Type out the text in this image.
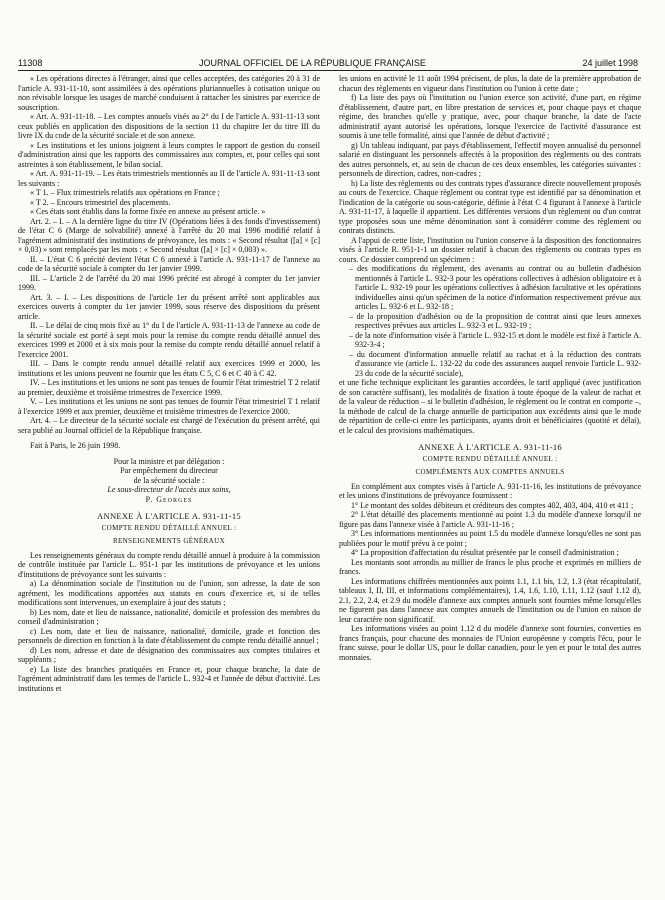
11308	JOURNAL OFFICIEL DE LA RÉPUBLIQUE FRANÇAISE	24 juillet 1998

« Les opérations directes à l'étranger, ainsi que celles acceptées, des catégories 20 à 31 de l'article A. 931-11-10, sont assimilées à des opérations pluriannuelles à cotisation unique ou non révisable lorsque les usages de marché conduisent à rattacher les sinistres par exercice de souscription.

« Art. A. 931-11-18. – Les comptes annuels visés au 2° du I de l'article A. 931-11-13 sont ceux publiés en application des dispositions de la section 11 du chapitre Ier du titre III du livre IX du code de la sécurité sociale et de son annexe.

« Les institutions et les unions joignent à leurs comptes le rapport de gestion du conseil d'administration ainsi que les rapports des commissaires aux comptes, et, pour celles qui sont astreintes à son établissement, le bilan social.

« Art. A. 931-11-19. – Les états trimestriels mentionnés au II de l'article A. 931-11-13 sont les suivants :

« T 1. – Flux trimestriels relatifs aux opérations en France ;

« T 2. – Encours trimestriel des placements.

« Ces états sont établis dans la forme fixée en annexe au présent article. »

Art. 2. – I. – A la dernière ligne du titre IV (Opérations liées à des fonds d'investissement) de l'état C 6 (Marge de solvabilité) annexé à l'arrêté du 20 mai 1996 modifié relatif à l'agrément administratif des institutions de prévoyance, les mots : « Second résultat ([a] × [c] × 0,03) » sont remplacés par les mots : « Second résultat ([a] × [c] × 0,003) ».

II. – L'état C 6 précité devient l'état C 6 annexé à l'article A. 931-11-17 de l'annexe au code de la sécurité sociale à compter du 1er janvier 1999.

III. – L'article 2 de l'arrêté du 20 mai 1996 précité est abrogé à compter du 1er janvier 1999.

Art. 3. – I. – Les dispositions de l'article 1er du présent arrêté sont applicables aux exercices ouverts à compter du 1er janvier 1999, sous réserve des dispositions du présent article.

II. – Le délai de cinq mois fixé au 1° du I de l'article A. 931-11-13 de l'annexe au code de la sécurité sociale est porté à sept mois pour la remise du compte rendu détaillé annuel des exercices 1999 et 2000 et à six mois pour la remise du compte rendu détaillé annuel relatif à l'exercice 2001.

III. – Dans le compte rendu annuel détaillé relatif aux exercices 1999 et 2000, les institutions et les unions peuvent ne fournir que les états C 5, C 6 et C 40 à C 42.

IV. – Les institutions et les unions ne sont pas tenues de fournir l'état trimestriel T 2 relatif au premier, deuxième et troisième trimestres de l'exercice 1999.

V. – Les institutions et les unions ne sont pas tenues de fournir l'état trimestriel T 1 relatif à l'exercice 1999 et aux premier, deuxième et troisième trimestres de l'exercice 2000.

Art. 4. – Le directeur de la sécurité sociale est chargé de l'exécution du présent arrêté, qui sera publié au Journal officiel de la République française.

Fait à Paris, le 26 juin 1998.

Pour la ministre et par délégation :
Par empêchement du directeur
de la sécurité sociale :
Le sous-directeur de l'accès aux soins,
P. Georges
ANNEXE À L'ARTICLE A. 931-11-15
COMPTE RENDU DÉTAILLÉ ANNUEL :
RENSEIGNEMENTS GÉNÉRAUX

Les renseignements généraux du compte rendu détaillé annuel à produire à la commission de contrôle instituée par l'article L. 951-1 par les institutions de prévoyance et les unions d'institutions de prévoyance sont les suivants :

a) La dénomination sociale de l'institution ou de l'union, son adresse, la date de son agrément, les modifications apportées aux statuts en cours d'exercice et, si de telles modifications sont intervenues, un exemplaire à jour des statuts ;

b) Les nom, date et lieu de naissance, nationalité, domicile et profession des membres du conseil d'administration ;

c) Les nom, date et lieu de naissance, nationalité, domicile, grade et fonction des personnels de direction en fonction à la date d'établissement du compte rendu détaillé annuel ;

d) Les nom, adresse et date de désignation des commissaires aux comptes titulaires et suppléants ;

e) La liste des branches pratiquées en France et, pour chaque branche, la date de l'agrément administratif dans les termes de l'article L. 932-4 et l'année de début d'activité. Les institutions et

les unions en activité le 11 août 1994 précisent, de plus, la date de la première approbation de chacun des règlements en vigueur dans l'institution ou l'union à cette date ;

f) La liste des pays où l'institution ou l'union exerce son activité, d'une part, en régime d'établissement, d'autre part, en libre prestation de services et, pour chaque pays et chaque régime, des branches qu'elle y pratique, avec, pour chaque branche, la date de l'acte administratif ayant autorisé les opérations, lorsque l'exercice de l'activité d'assurance est soumis à une telle formalité, ainsi que l'année de début d'activité ;

g) Un tableau indiquant, par pays d'établissement, l'effectif moyen annualisé du personnel salarié en distinguant les personnels affectés à la proposition des règlements ou des contrats des autres personnels, et, au sein de chacun de ces deux ensembles, les catégories suivantes : personnels de direction, cadres, non-cadres ;

h) La liste des règlements ou des contrats types d'assurance directe nouvellement proposés au cours de l'exercice. Chaque règlement ou contrat type est identifié par sa dénomination et l'indication de la catégorie ou sous-catégorie, définie à l'état C 4 figurant à l'annexe à l'article A. 931-11-17, à laquelle il appartient. Les différentes versions d'un règlement ou d'un contrat type proposées sous une même dénomination sont à considérer comme des règlement ou contrats distincts.

A l'appui de cette liste, l'institution ou l'union conserve à la disposition des fonctionnaires visés à l'article R. 951-1-1 un dossier relatif à chacun des règlements ou contrats types en cours. Ce dossier comprend un spécimen :

– des modifications du règlement, des avenants au contrat ou au bulletin d'adhésion mentionnés à l'article L. 932-3 pour les opérations collectives à adhésion obligatoire et à l'article L. 932-19 pour les opérations collectives à adhésion facultative et les opérations individuelles ainsi qu'un spécimen de la notice d'information respectivement prévue aux articles L. 932-6 et L. 932-18 ;
– de la proposition d'adhésion ou de la proposition de contrat ainsi que leurs annexes respectives prévues aux articles L. 932-3 et L. 932-19 ;
– de la note d'information visée à l'article L. 932-15 et dont le modèle est fixé à l'article A. 932-3-4 ;
– du document d'information annuelle relatif au rachat et à la réduction des contrats d'assurance vie (article L. 132-22 du code des assurances auquel renvoie l'article L. 932-23 du code de la sécurité sociale),

et une fiche technique explicitant les garanties accordées, le tarif appliqué (avec justification de son caractère suffisant), les modalités de fixation à toute époque de la valeur de rachat et de la valeur de réduction – si le bulletin d'adhésion, le règlement ou le contrat en comporte –, la méthode de calcul de la charge annuelle de participation aux excédents ainsi que le mode de répartition de celle-ci entre les participants, ayants droit et bénéficiaires (quotité et délai), et le calcul des provisions mathématiques.

ANNEXE À L'ARTICLE A. 931-11-16
COMPTE RENDU DÉTAILLÉ ANNUEL :
COMPLÉMENTS AUX COMPTES ANNUELS

En complément aux comptes visés à l'article A. 931-11-16, les institutions de prévoyance et les unions d'institutions de prévoyance fournissent :

1° Le montant des soldes débiteurs et créditeurs des comptes 402, 403, 404, 410 et 411 ;

2° L'état détaillé des placements mentionné au point 1.3 du modèle d'annexe lorsqu'il ne figure pas dans l'annexe visée à l'article A. 931-11-16 ;

3° Les informations mentionnées au point 1.5 du modèle d'annexe lorsqu'elles ne sont pas publiées pour le motif prévu à ce point ;

4° La proposition d'affectation du résultat présentée par le conseil d'administration ;

Les montants sont arrondis au millier de francs le plus proche et exprimés en milliers de francs.

Les informations chiffrées mentionnées aux points 1.1, 1.1 bis, 1.2, 1.3 (état récapitulatif, tableaux I, II, III, et informations complémentaires), 1.4, 1.6, 1.10, 1.11, 1.12 (sauf 1.12 d), 2.1, 2.2, 2.4, et 2.9 du modèle d'annexe aux comptes annuels sont fournies même lorsqu'elles ne figurent pas dans l'annexe aux comptes annuels de l'institution ou de l'union en raison de leur caractère non significatif.

Les informations visées au point 1.12 d du modèle d'annexe sont fournies, converties en francs français, pour chacune des monnaies de l'Union européenne y compris l'écu, pour le franc suisse, pour le dollar US, pour le dollar canadien, pour le yen et pour le total des autres monnaies.
